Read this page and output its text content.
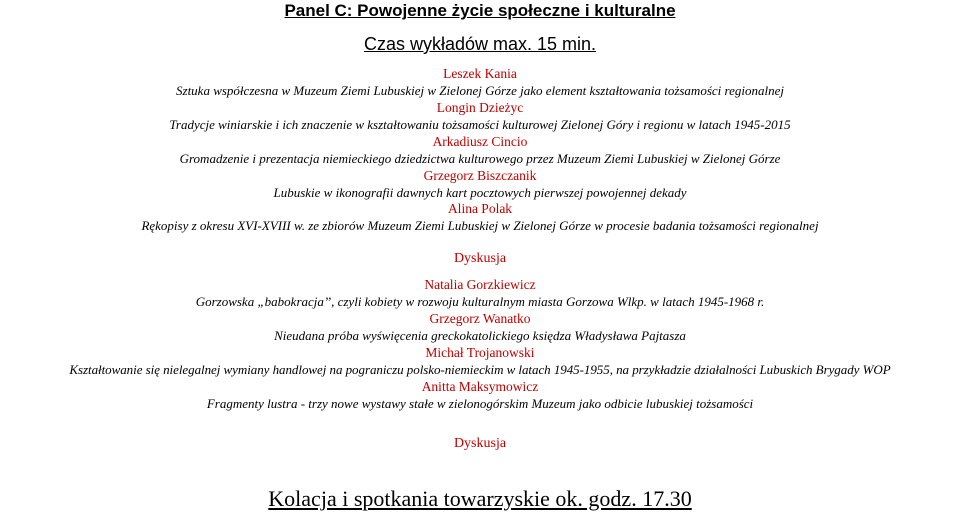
Panel C: Powojenne życie społeczne i kulturalne
Czas wykładów max. 15 min.
Leszek Kania
Sztuka współczesna w Muzeum Ziemi Lubuskiej w Zielonej Górze jako element kształtowania tożsamości regionalnej
Longin Dzieżyc
Tradycje winiarskie i ich znaczenie w kształtowaniu tożsamości kulturowej Zielonej Góry i regionu w latach 1945-2015
Arkadiusz Cincio
Gromadzenie i prezentacja niemieckiego dziedzictwa kulturowego przez Muzeum Ziemi Lubuskiej w Zielonej Górze
Grzegorz Biszczanik
Lubuskie w ikonografii dawnych kart pocztowych pierwszej powojennej dekady
Alina Polak
Rękopisy z okresu XVI-XVIII w. ze zbiorów Muzeum Ziemi Lubuskiej w Zielonej Górze w procesie badania tożsamości regionalnej
Dyskusja
Natalia Gorzkiewicz
Gorzowska „babokracja’’, czyli kobiety w rozwoju kulturalnym miasta Gorzowa Wlkp. w latach 1945-1968 r.
Grzegorz Wanatko
Nieudana próba wyświęcenia greckokatolickiego księdza Władysława Pajtasza
Michał Trojanowski
Kształtowanie się nielegalnej wymiany handlowej na pograniczu polsko-niemieckim w latach 1945-1955, na przykładzie działalności Lubuskich Brygady WOP
Anitta Maksymowicz
Fragmenty lustra - trzy nowe wystawy stałe w zielonogórskim Muzeum jako odbicie lubuskiej tożsamości
Dyskusja
Kolacja i spotkania towarzyskie ok. godz. 17.30
